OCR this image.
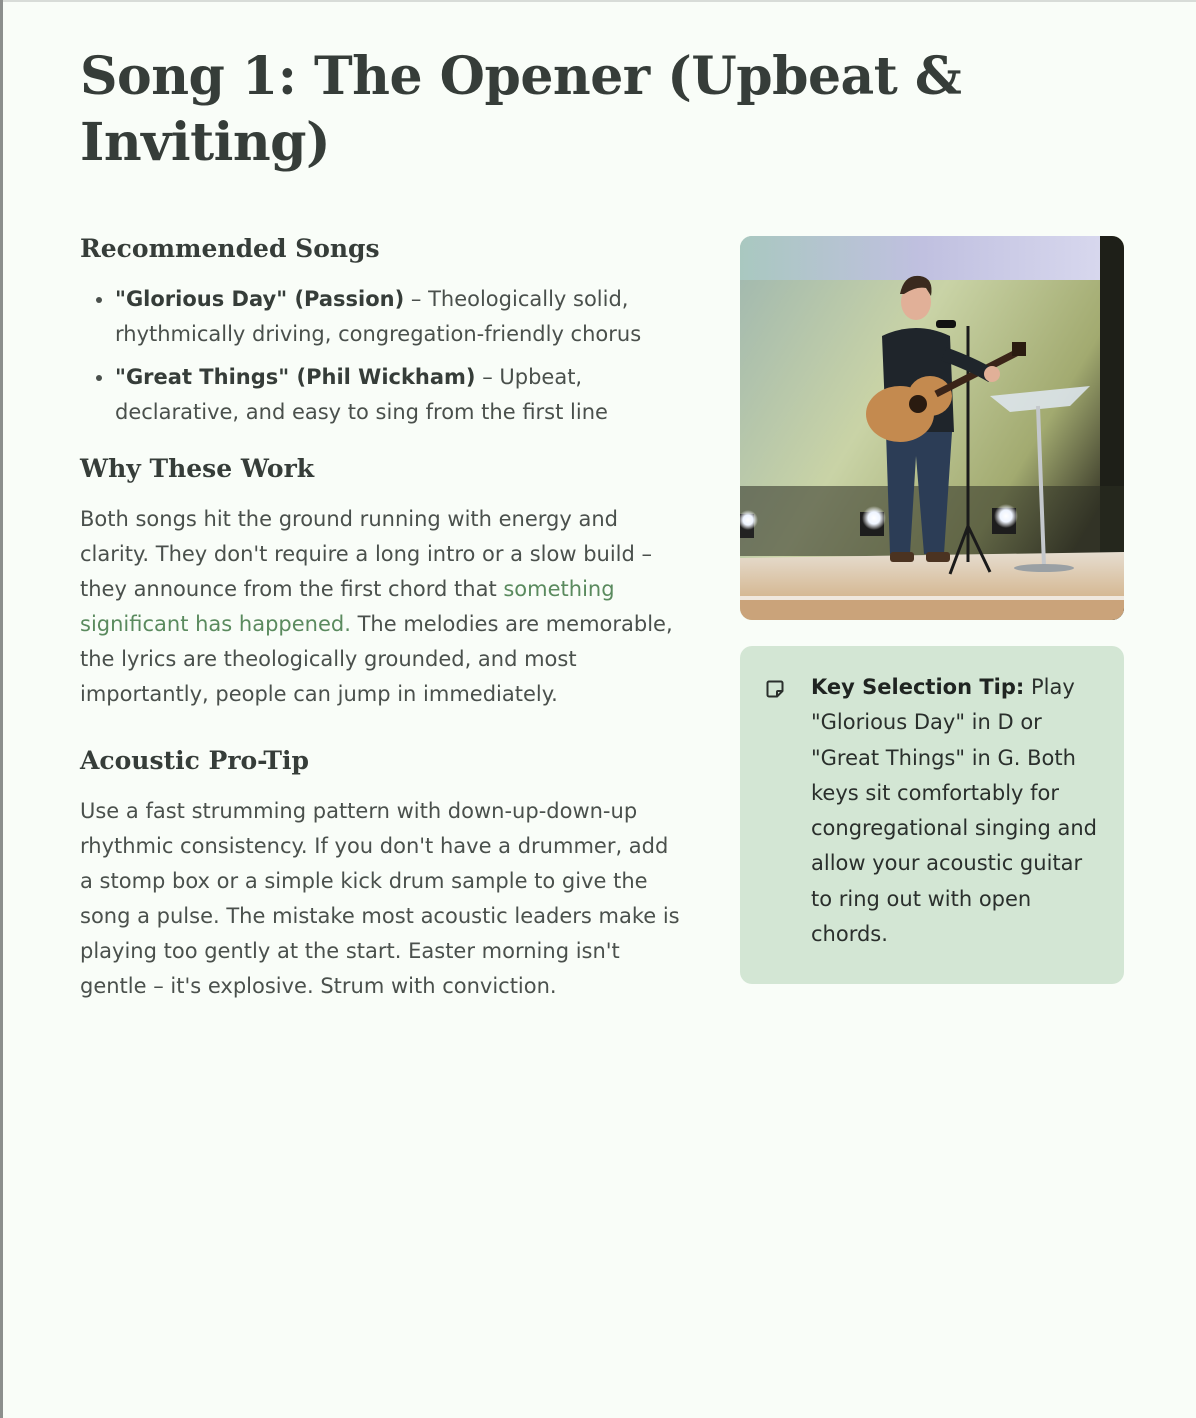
Song 1: The Opener (Upbeat & Inviting)
Recommended Songs
• "Glorious Day" (Passion) – Theologically solid, rhythmically driving, congregation-friendly chorus
• "Great Things" (Phil Wickham) – Upbeat, declarative, and easy to sing from the first line
Why These Work

Both songs hit the ground running with energy and clarity. They don't require a long intro or a slow build – they announce from the first chord that something significant has happened. The melodies are memorable, the lyrics are theologically grounded, and most importantly, people can jump in immediately.

Acoustic Pro-Tip

Use a fast strumming pattern with down-up-down-up rhythmic consistency. If you don't have a drummer, add a stomp box or a simple kick drum sample to give the song a pulse. The mistake most acoustic leaders make is playing too gently at the start. Easter morning isn't gentle – it's explosive. Strum with conviction.

Key Selection Tip: Play "Glorious Day" in D or "Great Things" in G. Both keys sit comfortably for congregational singing and allow your acoustic guitar to ring out with open chords.
